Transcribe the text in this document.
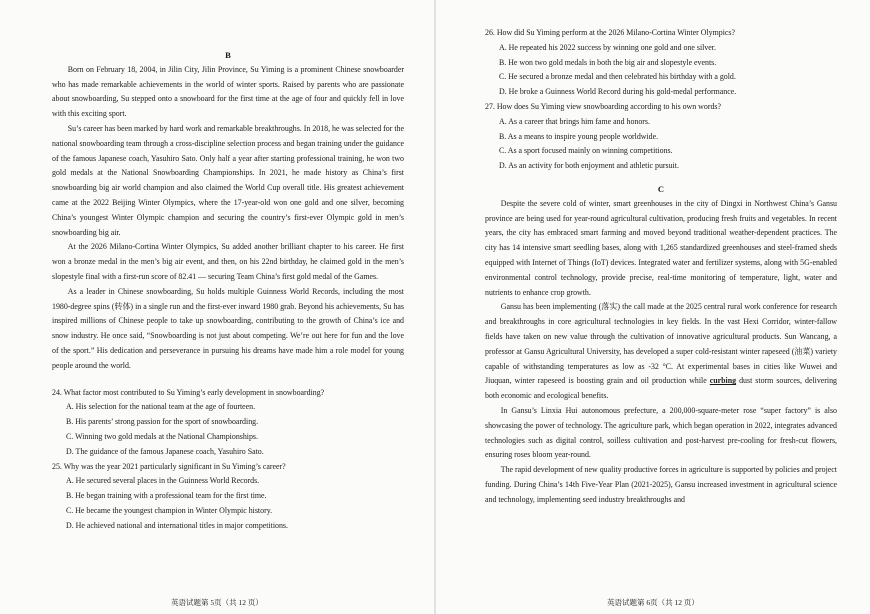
B

Born on February 18, 2004, in Jilin City, Jilin Province, Su Yiming is a prominent Chinese snowboarder who has made remarkable achievements in the world of winter sports. Raised by parents who are passionate about snowboarding, Su stepped onto a snowboard for the first time at the age of four and quickly fell in love with this exciting sport.

Su’s career has been marked by hard work and remarkable breakthroughs. In 2018, he was selected for the national snowboarding team through a cross-discipline selection process and began training under the guidance of the famous Japanese coach, Yasuhiro Sato. Only half a year after starting professional training, he won two gold medals at the National Snowboarding Championships. In 2021, he made history as China’s first snowboarding big air world champion and also claimed the World Cup overall title. His greatest achievement came at the 2022 Beijing Winter Olympics, where the 17-year-old won one gold and one silver, becoming China’s youngest Winter Olympic champion and securing the country’s first-ever Olympic gold in men’s snowboarding big air.

At the 2026 Milano-Cortina Winter Olympics, Su added another brilliant chapter to his career. He first won a bronze medal in the men’s big air event, and then, on his 22nd birthday, he claimed gold in the men’s slopestyle final with a first-run score of 82.41 — securing Team China’s first gold medal of the Games.

As a leader in Chinese snowboarding, Su holds multiple Guinness World Records, including the most 1980-degree spins (转体) in a single run and the first-ever inward 1980 grab. Beyond his achievements, Su has inspired millions of Chinese people to take up snowboarding, contributing to the growth of China’s ice and snow industry. He once said, “Snowboarding is not just about competing. We’re out here for fun and the love of the sport.” His dedication and perseverance in pursuing his dreams have made him a role model for young people around the world.

24. What factor most contributed to Su Yiming’s early development in snowboarding?
A. His selection for the national team at the age of fourteen.
B. His parents’ strong passion for the sport of snowboarding.
C. Winning two gold medals at the National Championships.
D. The guidance of the famous Japanese coach, Yasuhiro Sato.
25. Why was the year 2021 particularly significant in Su Yiming’s career?
A. He secured several places in the Guinness World Records.
B. He began training with a professional team for the first time.
C. He became the youngest champion in Winter Olympic history.
D. He achieved national and international titles in major competitions.
英语试题第 5页（共 12 页）
26. How did Su Yiming perform at the 2026 Milano-Cortina Winter Olympics?
A. He repeated his 2022 success by winning one gold and one silver.
B. He won two gold medals in both the big air and slopestyle events.
C. He secured a bronze medal and then celebrated his birthday with a gold.
D. He broke a Guinness World Record during his gold-medal performance.
27. How does Su Yiming view snowboarding according to his own words?
A. As a career that brings him fame and honors.
B. As a means to inspire young people worldwide.
C. As a sport focused mainly on winning competitions.
D. As an activity for both enjoyment and athletic pursuit.

C

Despite the severe cold of winter, smart greenhouses in the city of Dingxi in Northwest China’s Gansu province are being used for year-round agricultural cultivation, producing fresh fruits and vegetables. In recent years, the city has embraced smart farming and moved beyond traditional weather-dependent practices. The city has 14 intensive smart seedling bases, along with 1,265 standardized greenhouses and steel-framed sheds equipped with Internet of Things (IoT) devices. Integrated water and fertilizer systems, along with 5G-enabled environmental control technology, provide precise, real-time monitoring of temperature, light, water and nutrients to enhance crop growth.

Gansu has been implementing (落实) the call made at the 2025 central rural work conference for research and breakthroughs in core agricultural technologies in key fields. In the vast Hexi Corridor, winter-fallow fields have taken on new value through the cultivation of innovative agricultural products. Sun Wancang, a professor at Gansu Agricultural University, has developed a super cold-resistant winter rapeseed (油菜) variety capable of withstanding temperatures as low as -32 °C. At experimental bases in cities like Wuwei and Jiuquan, winter rapeseed is boosting grain and oil production while curbing dust storm sources, delivering both economic and ecological benefits.

In Gansu’s Linxia Hui autonomous prefecture, a 200,000-square-meter rose “super factory” is also showcasing the power of technology. The agriculture park, which began operation in 2022, integrates advanced technologies such as digital control, soilless cultivation and post-harvest pre-cooling for fresh-cut flowers, ensuring roses bloom year-round.

The rapid development of new quality productive forces in agriculture is supported by policies and project funding. During China’s 14th Five-Year Plan (2021-2025), Gansu increased investment in agricultural science and technology, implementing seed industry breakthroughs and

英语试题第 6页（共 12 页）
